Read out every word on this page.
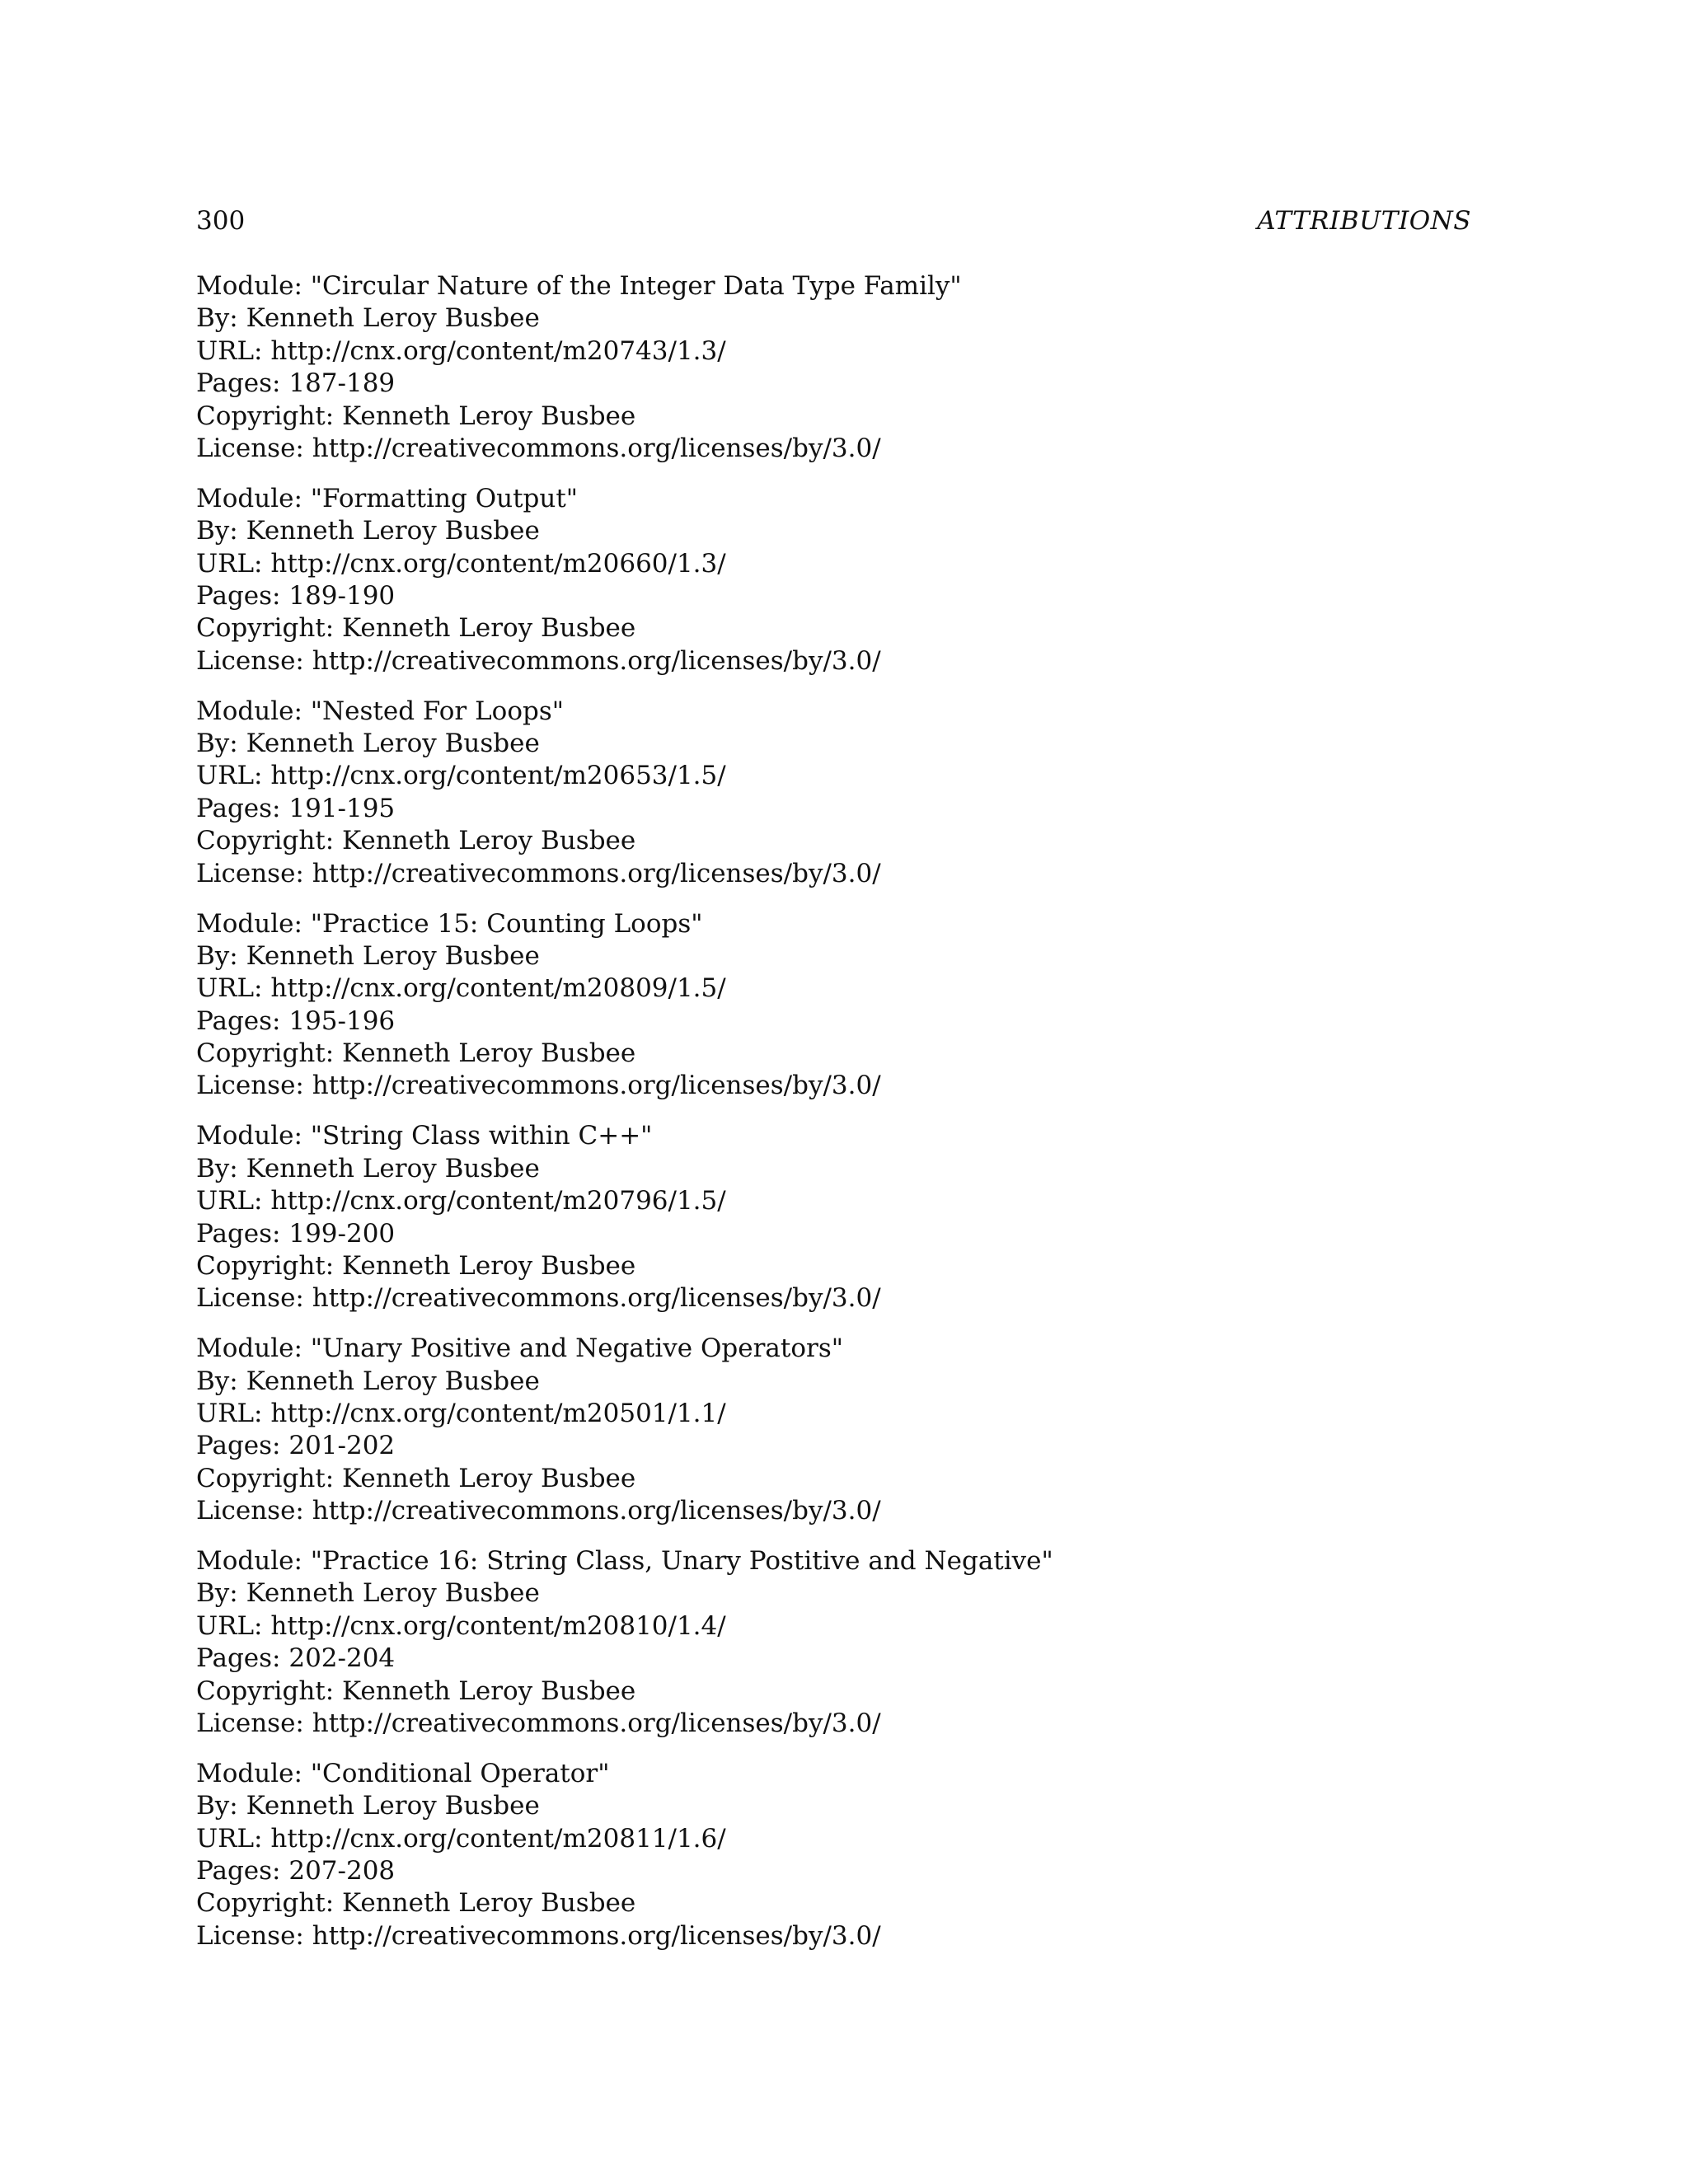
300	ATTRIBUTIONS
Module: "Circular Nature of the Integer Data Type Family"
By: Kenneth Leroy Busbee
URL: http://cnx.org/content/m20743/1.3/
Pages: 187-189
Copyright: Kenneth Leroy Busbee
License: http://creativecommons.org/licenses/by/3.0/
Module: "Formatting Output"
By: Kenneth Leroy Busbee
URL: http://cnx.org/content/m20660/1.3/
Pages: 189-190
Copyright: Kenneth Leroy Busbee
License: http://creativecommons.org/licenses/by/3.0/
Module: "Nested For Loops"
By: Kenneth Leroy Busbee
URL: http://cnx.org/content/m20653/1.5/
Pages: 191-195
Copyright: Kenneth Leroy Busbee
License: http://creativecommons.org/licenses/by/3.0/
Module: "Practice 15: Counting Loops"
By: Kenneth Leroy Busbee
URL: http://cnx.org/content/m20809/1.5/
Pages: 195-196
Copyright: Kenneth Leroy Busbee
License: http://creativecommons.org/licenses/by/3.0/
Module: "String Class within C++"
By: Kenneth Leroy Busbee
URL: http://cnx.org/content/m20796/1.5/
Pages: 199-200
Copyright: Kenneth Leroy Busbee
License: http://creativecommons.org/licenses/by/3.0/
Module: "Unary Positive and Negative Operators"
By: Kenneth Leroy Busbee
URL: http://cnx.org/content/m20501/1.1/
Pages: 201-202
Copyright: Kenneth Leroy Busbee
License: http://creativecommons.org/licenses/by/3.0/
Module: "Practice 16: String Class, Unary Postitive and Negative"
By: Kenneth Leroy Busbee
URL: http://cnx.org/content/m20810/1.4/
Pages: 202-204
Copyright: Kenneth Leroy Busbee
License: http://creativecommons.org/licenses/by/3.0/
Module: "Conditional Operator"
By: Kenneth Leroy Busbee
URL: http://cnx.org/content/m20811/1.6/
Pages: 207-208
Copyright: Kenneth Leroy Busbee
License: http://creativecommons.org/licenses/by/3.0/
